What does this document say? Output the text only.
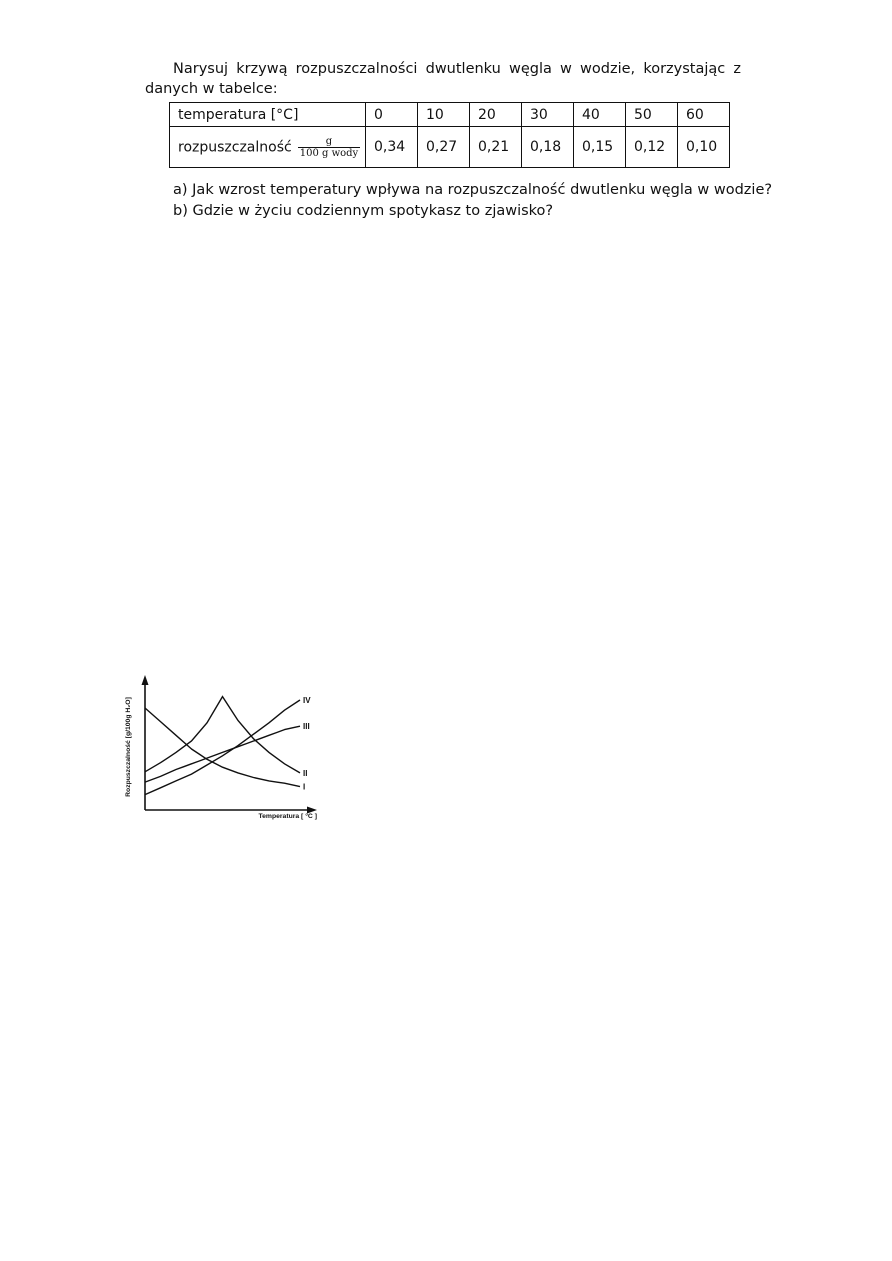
Narysuj krzywą rozpuszczalności dwutlenku węgla w wodzie, korzystając z danych w tabelce:

temperatura [°C]	0	10	20	30	40	50	60
rozpuszczalność $\frac{g}{\text{100 g wody}}$	0,34	0,27	0,21	0,18	0,15	0,12	0,10
a) Jak wzrost temperatury wpływa na rozpuszczalność dwutlenku węgla w wodzie?
b) Gdzie w życiu codziennym spotykasz to zjawisko?
Rozpuszczalność [g/100g H₂O]
Temperatura [ °C ]
I
II
III
IV
